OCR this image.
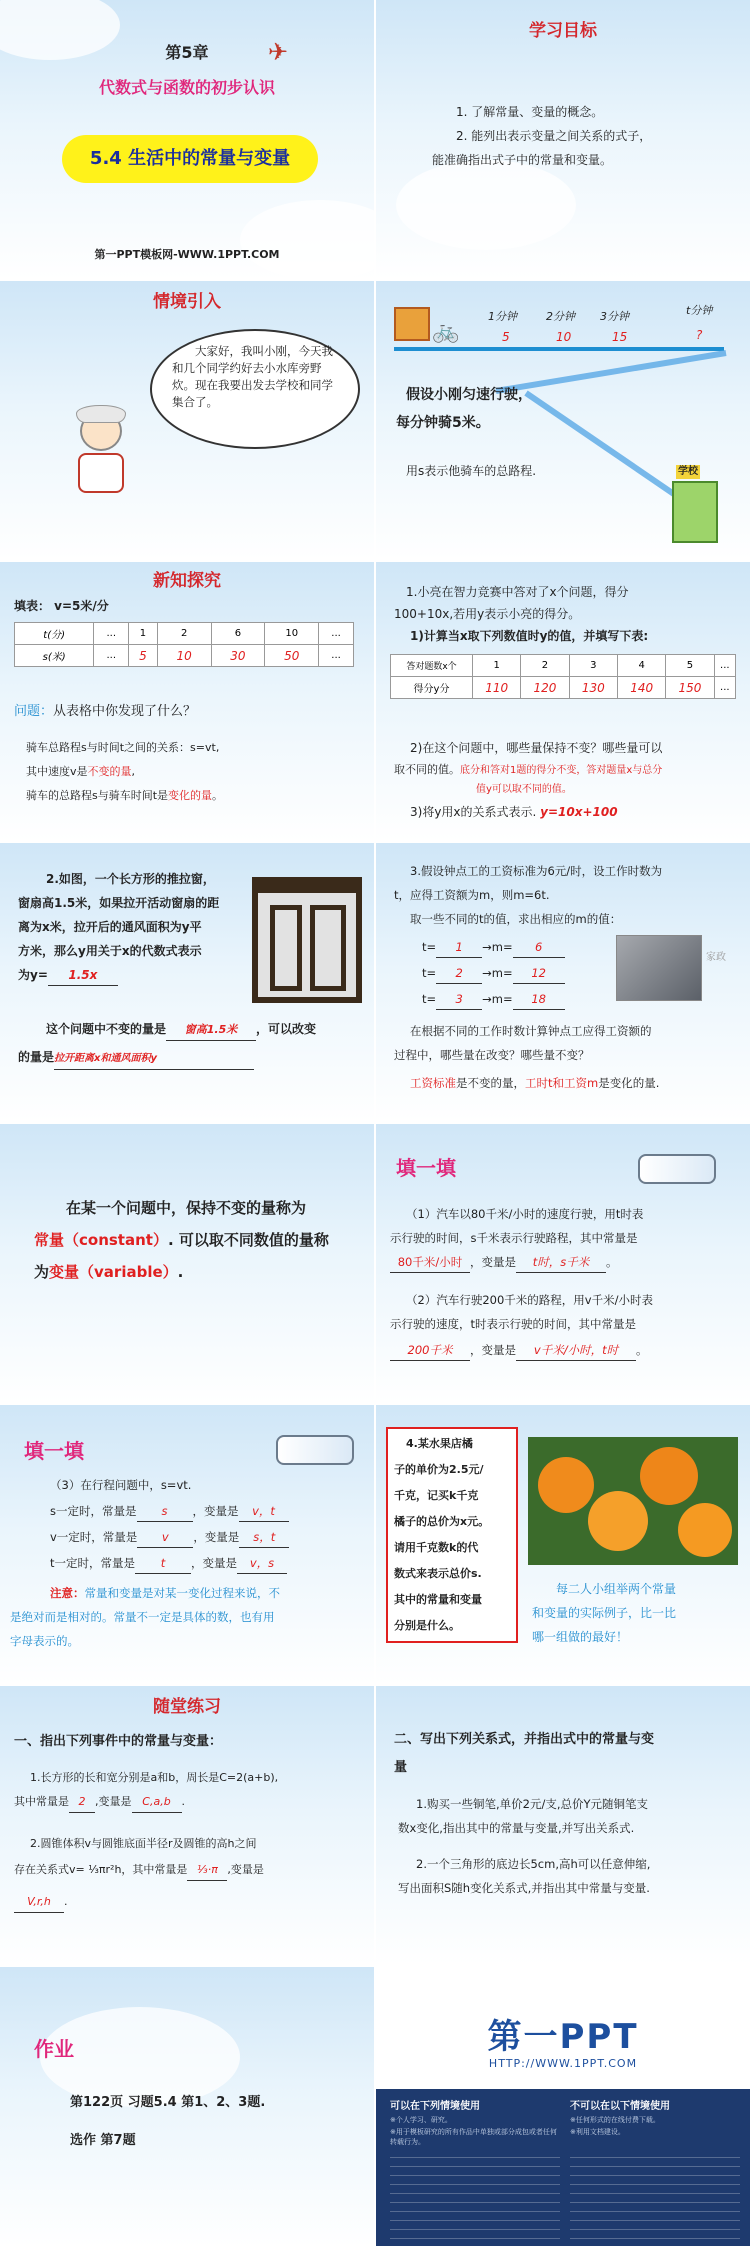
第5章	✈
代数式与函数的初步认识
5.4 生活中的常量与变量
第一PPT模板网-WWW.1PPT.COM
学习目标
1. 了解常量、变量的概念。
2. 能列出表示变量之间关系的式子，
能准确指出式子中的常量和变量。
情境引入
大家好，我叫小刚，今天我和几个同学约好去小水库旁野炊。现在我要出发去学校和同学集合了。
🚲
1分钟	2分钟 3分钟	t分钟
5	10	15	?
学校
假设小刚匀速行驶，
每分钟骑5米。
用s表示他骑车的总路程.
新知探究
填表： v=5米/分
t(分)	...	1	2	6	10	...
s(米)	...	5	10	30	50	...
问题：从表格中你发现了什么？
骑车总路程s与时间t之间的关系：s=vt,
其中速度v是不变的量,
骑车的总路程s与骑车时间t是变化的量。
1.小亮在智力竞赛中答对了x个问题，得分
100+10x,若用y表示小亮的得分。
1)计算当x取下列数值时y的值，并填写下表:
答对题数x个	1	2	3	4	5	...
得分y分	110	120	130	140	150	...
2)在这个问题中，哪些量保持不变？哪些量可以
取不同的值。底分和答对1题的得分不变，答对题量x与总分
值y可以取不同的值。
3)将y用x的关系式表示. y=10x+100
2.如图，一个长方形的推拉窗，
窗扇高1.5米，如果拉开活动窗扇的距
离为x米，拉开后的通风面积为y平
方米，那么y用关于x的代数式表示
为y= 1.5x
这个问题中不变的量是 窗高1.5米 ，可以改变
的量是拉开距离x和通风面积y
3.假设钟点工的工资标准为6元/时，设工作时数为
t，应得工资额为m，则m=6t.
取一些不同的t的值，求出相应的m的值：
t= 1 →m= 6
t= 2 →m= 12
t= 3 →m= 18
家政
在根据不同的工作时数计算钟点工应得工资额的
过程中，哪些量在改变？哪些量不变？
工资标准是不变的量，工时t和工资m是变化的量.
在某一个问题中，保持不变的量称为
常量（constant）. 可以取不同数值的量称
为变量（variable）.
填一填
（1）汽车以80千米/小时的速度行驶，用t时表
示行驶的时间，s千米表示行驶路程，其中常量是
80千米/小时 ，变量是 t时，s千米 。
（2）汽车行驶200千米的路程，用v千米/小时表
示行驶的速度，t时表示行驶的时间，其中常量是
200千米 ，变量是 v千米/小时，t时 。
填一填
（3）在行程问题中，s=vt.
s一定时，常量是 s ，变量是 v，t
v一定时，常量是 v ，变量是 s，t
t一定时，常量是 t ，变量是 v，s
注意：常量和变量是对某一变化过程来说，不
是绝对而是相对的。常量不一定是具体的数，也有用
字母表示的。
4.某水果店橘
子的单价为2.5元/
千克，记买k千克
橘子的总价为x元。
请用千克数k的代
数式来表示总价s.
其中的常量和变量
分别是什么。
每二人小组举两个常量
和变量的实际例子，比一比
哪一组做的最好！
随堂练习
一、指出下列事件中的常量与变量：
1.长方形的长和宽分别是a和b，周长是C=2(a+b),
其中常量是 2 ,变量是 C,a,b .
2.圆锥体积v与圆锥底面半径r及圆锥的高h之间
存在关系式v= ⅓πr²h，其中常量是 ⅓·π ,变量是
V,r,h .
二、写出下列关系式，并指出式中的常量与变
量
1.购买一些铜笔,单价2元/支,总价Y元随铜笔支
数x变化,指出其中的常量与变量,并写出关系式.
2.一个三角形的底边长5cm,高h可以任意伸缩,
写出面积S随h变化关系式,并指出其中常量与变量.
作业
第122页 习题5.4 第1、2、3题.
选作 第7题
第一PPT
HTTP://WWW.1PPT.COM
可以在下列情境使用	不可以在以下情境使用
※个人学习、研究。
※用于模板研究的所有作品中单独或部分成包或者任何转载行为。
※任何形式的在线付费下载。
※利用文档建设。
